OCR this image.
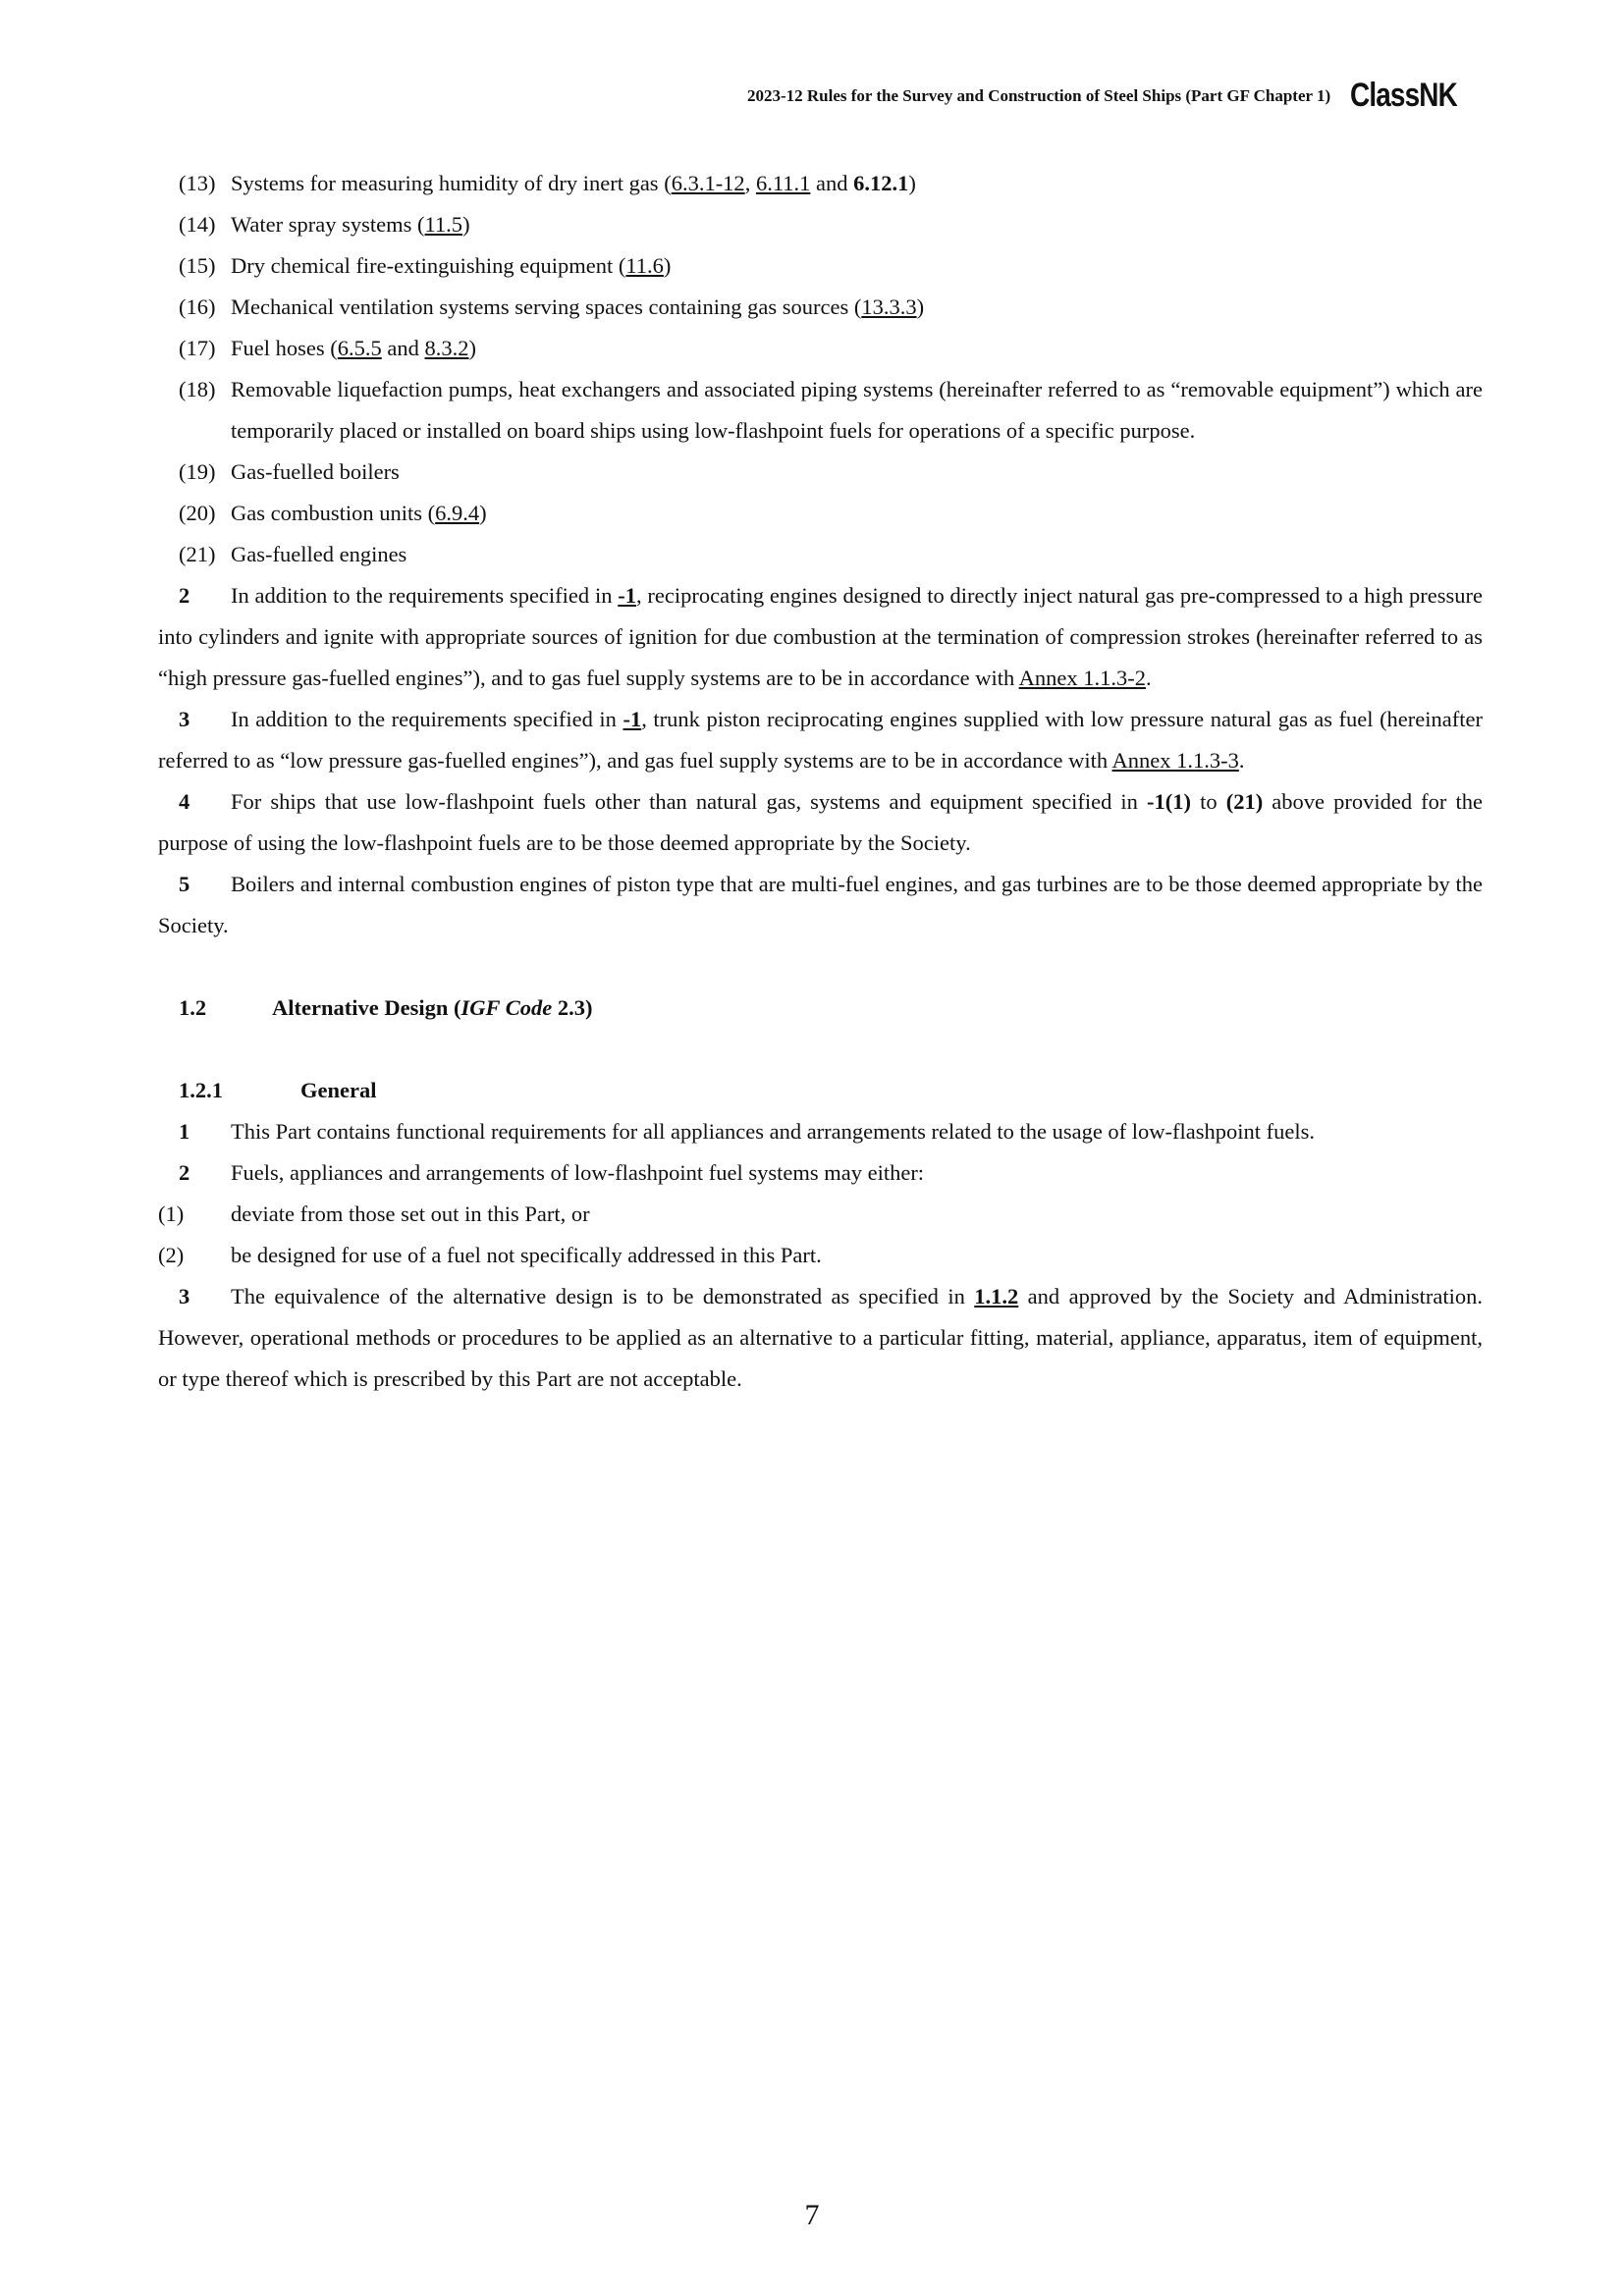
2023-12 Rules for the Survey and Construction of Steel Ships (Part GF Chapter 1) ClassNK
(13) Systems for measuring humidity of dry inert gas (6.3.1-12, 6.11.1 and 6.12.1)
(14) Water spray systems (11.5)
(15) Dry chemical fire-extinguishing equipment (11.6)
(16) Mechanical ventilation systems serving spaces containing gas sources (13.3.3)
(17) Fuel hoses (6.5.5 and 8.3.2)
(18) Removable liquefaction pumps, heat exchangers and associated piping systems (hereinafter referred to as “removable equipment”) which are temporarily placed or installed on board ships using low-flashpoint fuels for operations of a specific purpose.
(19) Gas-fuelled boilers
(20) Gas combustion units (6.9.4)
(21) Gas-fuelled engines
2 In addition to the requirements specified in -1, reciprocating engines designed to directly inject natural gas pre-compressed to a high pressure into cylinders and ignite with appropriate sources of ignition for due combustion at the termination of compression strokes (hereinafter referred to as “high pressure gas-fuelled engines”), and to gas fuel supply systems are to be in accordance with Annex 1.1.3-2.
3 In addition to the requirements specified in -1, trunk piston reciprocating engines supplied with low pressure natural gas as fuel (hereinafter referred to as “low pressure gas-fuelled engines”), and gas fuel supply systems are to be in accordance with Annex 1.1.3-3.
4 For ships that use low-flashpoint fuels other than natural gas, systems and equipment specified in -1(1) to (21) above provided for the purpose of using the low-flashpoint fuels are to be those deemed appropriate by the Society.
5 Boilers and internal combustion engines of piston type that are multi-fuel engines, and gas turbines are to be those deemed appropriate by the Society.
1.2	Alternative Design (IGF Code 2.3)
1.2.1	General
1 This Part contains functional requirements for all appliances and arrangements related to the usage of low-flashpoint fuels.
2 Fuels, appliances and arrangements of low-flashpoint fuel systems may either:
(1)	deviate from those set out in this Part, or
(2)	be designed for use of a fuel not specifically addressed in this Part.
3 The equivalence of the alternative design is to be demonstrated as specified in 1.1.2 and approved by the Society and Administration. However, operational methods or procedures to be applied as an alternative to a particular fitting, material, appliance, apparatus, item of equipment, or type thereof which is prescribed by this Part are not acceptable.
7
